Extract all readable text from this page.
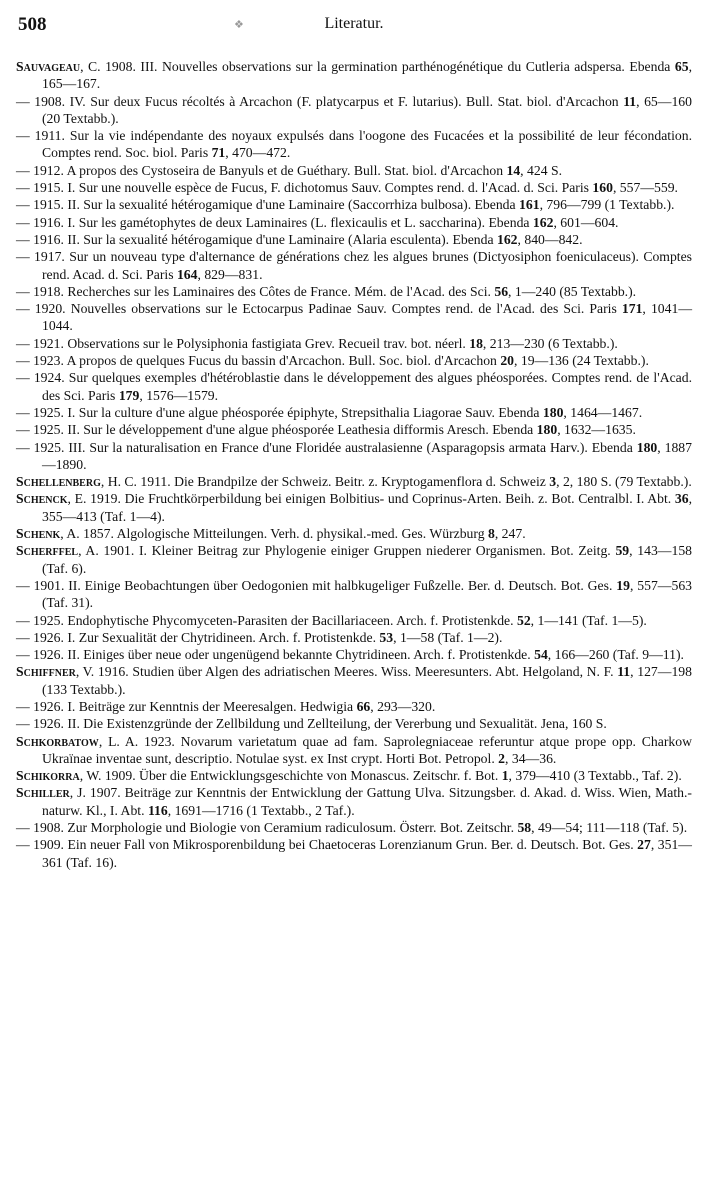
508	❖	Literatur.

Sauvageau, C. 1908. III. Nouvelles observations sur la germination parthénogénétique du Cutleria adspersa. Ebenda 65, 165—167.

— 1908. IV. Sur deux Fucus récoltés à Arcachon (F. platycarpus et F. lutarius). Bull. Stat. biol. d'Arcachon 11, 65—160 (20 Textabb.).

— 1911. Sur la vie indépendante des noyaux expulsés dans l'oogone des Fucacées et la possibilité de leur fécondation. Comptes rend. Soc. biol. Paris 71, 470—472.

— 1912. A propos des Cystoseira de Banyuls et de Guéthary. Bull. Stat. biol. d'Arcachon 14, 424 S.

— 1915. I. Sur une nouvelle espèce de Fucus, F. dichotomus Sauv. Comptes rend. d. l'Acad. d. Sci. Paris 160, 557—559.

— 1915. II. Sur la sexualité hétérogamique d'une Laminaire (Saccorrhiza bulbosa). Ebenda 161, 796—799 (1 Textabb.).

— 1916. I. Sur les gamétophytes de deux Laminaires (L. flexicaulis et L. saccharina). Ebenda 162, 601—604.

— 1916. II. Sur la sexualité hétérogamique d'une Laminaire (Alaria esculenta). Ebenda 162, 840—842.

— 1917. Sur un nouveau type d'alternance de générations chez les algues brunes (Dictyosiphon foeniculaceus). Comptes rend. Acad. d. Sci. Paris 164, 829—831.

— 1918. Recherches sur les Laminaires des Côtes de France. Mém. de l'Acad. des Sci. 56, 1—240 (85 Textabb.).

— 1920. Nouvelles observations sur le Ectocarpus Padinae Sauv. Comptes rend. de l'Acad. des Sci. Paris 171, 1041—1044.

— 1921. Observations sur le Polysiphonia fastigiata Grev. Recueil trav. bot. néerl. 18, 213—230 (6 Textabb.).

— 1923. A propos de quelques Fucus du bassin d'Arcachon. Bull. Soc. biol. d'Arcachon 20, 19—136 (24 Textabb.).

— 1924. Sur quelques exemples d'hétéroblastie dans le développement des algues phéosporées. Comptes rend. de l'Acad. des Sci. Paris 179, 1576—1579.

— 1925. I. Sur la culture d'une algue phéosporée épiphyte, Strepsithalia Liagorae Sauv. Ebenda 180, 1464—1467.

— 1925. II. Sur le développement d'une algue phéosporée Leathesia difformis Aresch. Ebenda 180, 1632—1635.

— 1925. III. Sur la naturalisation en France d'une Floridée australasienne (Asparagopsis armata Harv.). Ebenda 180, 1887—1890.

Schellenberg, H. C. 1911. Die Brandpilze der Schweiz. Beitr. z. Kryptogamenflora d. Schweiz 3, 2, 180 S. (79 Textabb.).

Schenck, E. 1919. Die Fruchtkörperbildung bei einigen Bolbitius- und Coprinus-Arten. Beih. z. Bot. Centralbl. I. Abt. 36, 355—413 (Taf. 1—4).

Schenk, A. 1857. Algologische Mitteilungen. Verh. d. physikal.-med. Ges. Würzburg 8, 247.

Scherffel, A. 1901. I. Kleiner Beitrag zur Phylogenie einiger Gruppen niederer Organismen. Bot. Zeitg. 59, 143—158 (Taf. 6).

— 1901. II. Einige Beobachtungen über Oedogonien mit halbkugeliger Fußzelle. Ber. d. Deutsch. Bot. Ges. 19, 557—563 (Taf. 31).

— 1925. Endophytische Phycomyceten-Parasiten der Bacillariaceen. Arch. f. Protistenkde. 52, 1—141 (Taf. 1—5).

— 1926. I. Zur Sexualität der Chytridineen. Arch. f. Protistenkde. 53, 1—58 (Taf. 1—2).

— 1926. II. Einiges über neue oder ungenügend bekannte Chytridineen. Arch. f. Protistenkde. 54, 166—260 (Taf. 9—11).

Schiffner, V. 1916. Studien über Algen des adriatischen Meeres. Wiss. Meeresunters. Abt. Helgoland, N. F. 11, 127—198 (133 Textabb.).

— 1926. I. Beiträge zur Kenntnis der Meeresalgen. Hedwigia 66, 293—320.

— 1926. II. Die Existenzgründe der Zellbildung und Zellteilung, der Vererbung und Sexualität. Jena, 160 S.

Schkorbatow, L. A. 1923. Novarum varietatum quae ad fam. Saprolegniaceae referuntur atque prope opp. Charkow Ukraïnae inventae sunt, descriptio. Notulae syst. ex Inst crypt. Horti Bot. Petropol. 2, 34—36.

Schikorra, W. 1909. Über die Entwicklungsgeschichte von Monascus. Zeitschr. f. Bot. 1, 379—410 (3 Textabb., Taf. 2).

Schiller, J. 1907. Beiträge zur Kenntnis der Entwicklung der Gattung Ulva. Sitzungsber. d. Akad. d. Wiss. Wien, Math.-naturw. Kl., I. Abt. 116, 1691—1716 (1 Textabb., 2 Taf.).

— 1908. Zur Morphologie und Biologie von Ceramium radiculosum. Österr. Bot. Zeitschr. 58, 49—54; 111—118 (Taf. 5).

— 1909. Ein neuer Fall von Mikrosporenbildung bei Chaetoceras Lorenzianum Grun. Ber. d. Deutsch. Bot. Ges. 27, 351—361 (Taf. 16).
